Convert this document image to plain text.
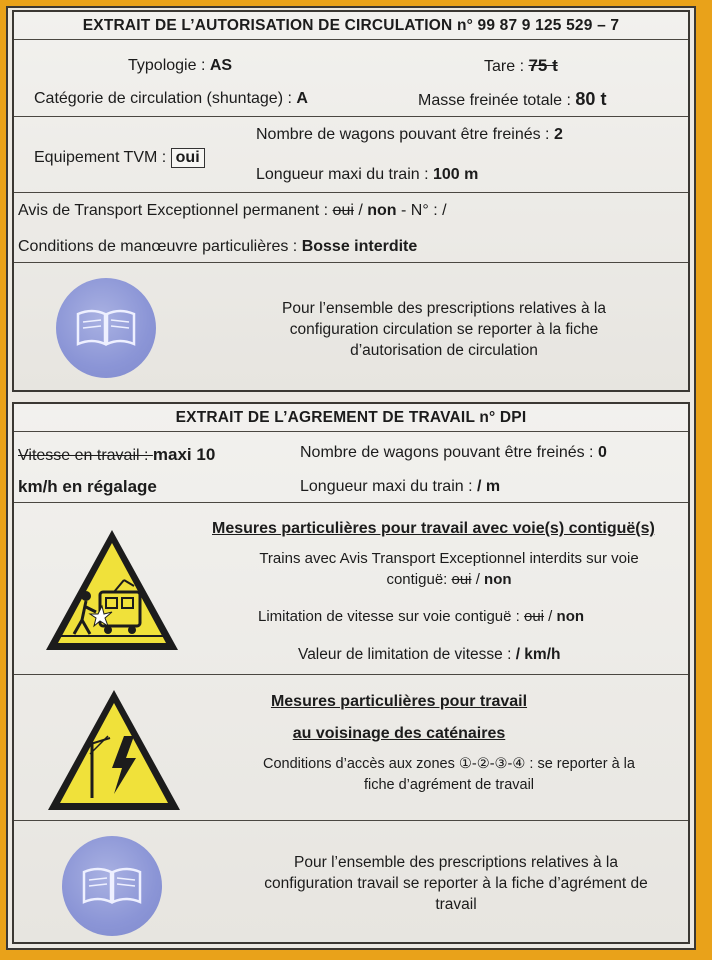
EXTRAIT DE L’AUTORISATION DE CIRCULATION n° 99 87 9 125 529 – 7
Typologie : AS	Tare : 75 t
Catégorie de circulation (shuntage) : A	Masse freinée totale : 80 t
Equipement TVM : oui
Nombre de wagons pouvant être freinés : 2
Longueur maxi du train : 100 m
Avis de Transport Exceptionnel permanent : oui / non - N° : /
Conditions de manœuvre particulières : Bosse interdite
Pour l’ensemble des prescriptions relatives à la
configuration circulation se reporter à la fiche
d’autorisation de circulation
EXTRAIT DE L’AGREMENT DE TRAVAIL n° DPI
Vitesse en travail : maxi 10
km/h en régalage
Nombre de wagons pouvant être freinés : 0
Longueur maxi du train : / m
Mesures particulières pour travail avec voie(s) contiguë(s)
Trains avec Avis Transport Exceptionnel interdits sur voie
contiguë: oui / non
Limitation de vitesse sur voie contiguë : oui / non
Valeur de limitation de vitesse : / km/h
Mesures particulières pour travail
au voisinage des caténaires
Conditions d’accès aux zones ①-②-③-④ : se reporter à la
fiche d’agrément de travail
Pour l’ensemble des prescriptions relatives à la
configuration travail se reporter à la fiche d’agrément de
travail
